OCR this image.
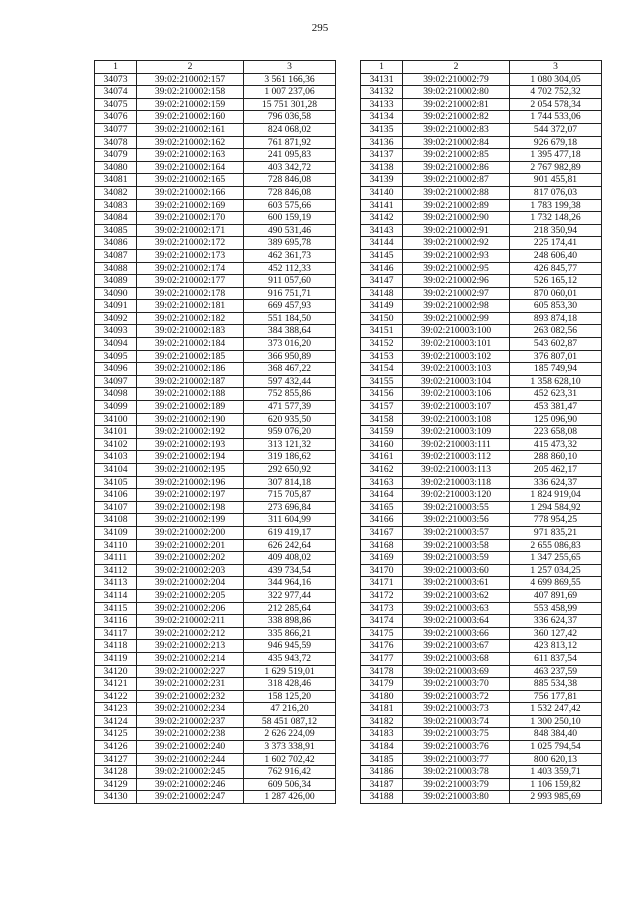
295
1	2	3
34073	39:02:210002:157	3 561 166,36
34074	39:02:210002:158	1 007 237,06
34075	39:02:210002:159	15 751 301,28
34076	39:02:210002:160	796 036,58
34077	39:02:210002:161	824 068,02
34078	39:02:210002:162	761 871,92
34079	39:02:210002:163	241 095,83
34080	39:02:210002:164	403 342,72
34081	39:02:210002:165	728 846,08
34082	39:02:210002:166	728 846,08
34083	39:02:210002:169	603 575,66
34084	39:02:210002:170	600 159,19
34085	39:02:210002:171	490 531,46
34086	39:02:210002:172	389 695,78
34087	39:02:210002:173	462 361,73
34088	39:02:210002:174	452 112,33
34089	39:02:210002:177	911 057,60
34090	39:02:210002:178	916 751,71
34091	39:02:210002:181	669 457,93
34092	39:02:210002:182	551 184,50
34093	39:02:210002:183	384 388,64
34094	39:02:210002:184	373 016,20
34095	39:02:210002:185	366 950,89
34096	39:02:210002:186	368 467,22
34097	39:02:210002:187	597 432,44
34098	39:02:210002:188	752 855,86
34099	39:02:210002:189	471 577,39
34100	39:02:210002:190	620 935,50
34101	39:02:210002:192	959 076,20
34102	39:02:210002:193	313 121,32
34103	39:02:210002:194	319 186,62
34104	39:02:210002:195	292 650,92
34105	39:02:210002:196	307 814,18
34106	39:02:210002:197	715 705,87
34107	39:02:210002:198	273 696,84
34108	39:02:210002:199	311 604,99
34109	39:02:210002:200	619 419,17
34110	39:02:210002:201	626 242,64
34111	39:02:210002:202	409 408,02
34112	39:02:210002:203	439 734,54
34113	39:02:210002:204	344 964,16
34114	39:02:210002:205	322 977,44
34115	39:02:210002:206	212 285,64
34116	39:02:210002:211	338 898,86
34117	39:02:210002:212	335 866,21
34118	39:02:210002:213	946 945,59
34119	39:02:210002:214	435 943,72
34120	39:02:210002:227	1 629 519,01
34121	39:02:210002:231	318 428,46
34122	39:02:210002:232	158 125,20
34123	39:02:210002:234	47 216,20
34124	39:02:210002:237	58 451 087,12
34125	39:02:210002:238	2 626 224,09
34126	39:02:210002:240	3 373 338,91
34127	39:02:210002:244	1 602 702,42
34128	39:02:210002:245	762 916,42
34129	39:02:210002:246	609 506,34
34130	39:02:210002:247	1 287 426,00
1	2	3
34131	39:02:210002:79	1 080 304,05
34132	39:02:210002:80	4 702 752,32
34133	39:02:210002:81	2 054 578,34
34134	39:02:210002:82	1 744 533,06
34135	39:02:210002:83	544 372,07
34136	39:02:210002:84	926 679,18
34137	39:02:210002:85	1 395 477,18
34138	39:02:210002:86	2 767 982,89
34139	39:02:210002:87	901 455,81
34140	39:02:210002:88	817 076,03
34141	39:02:210002:89	1 783 199,38
34142	39:02:210002:90	1 732 148,26
34143	39:02:210002:91	218 350,94
34144	39:02:210002:92	225 174,41
34145	39:02:210002:93	248 606,40
34146	39:02:210002:95	426 845,77
34147	39:02:210002:96	526 165,12
34148	39:02:210002:97	870 060,01
34149	39:02:210002:98	605 853,30
34150	39:02:210002:99	893 874,18
34151	39:02:210003:100	263 082,56
34152	39:02:210003:101	543 602,87
34153	39:02:210003:102	376 807,01
34154	39:02:210003:103	185 749,94
34155	39:02:210003:104	1 358 628,10
34156	39:02:210003:106	452 623,31
34157	39:02:210003:107	453 381,47
34158	39:02:210003:108	125 096,90
34159	39:02:210003:109	223 658,08
34160	39:02:210003:111	415 473,32
34161	39:02:210003:112	288 860,10
34162	39:02:210003:113	205 462,17
34163	39:02:210003:118	336 624,37
34164	39:02:210003:120	1 824 919,04
34165	39:02:210003:55	1 294 584,92
34166	39:02:210003:56	778 954,25
34167	39:02:210003:57	971 835,21
34168	39:02:210003:58	2 655 086,83
34169	39:02:210003:59	1 347 255,65
34170	39:02:210003:60	1 257 034,25
34171	39:02:210003:61	4 699 869,55
34172	39:02:210003:62	407 891,69
34173	39:02:210003:63	553 458,99
34174	39:02:210003:64	336 624,37
34175	39:02:210003:66	360 127,42
34176	39:02:210003:67	423 813,12
34177	39:02:210003:68	611 837,54
34178	39:02:210003:69	463 237,59
34179	39:02:210003:70	885 534,38
34180	39:02:210003:72	756 177,81
34181	39:02:210003:73	1 532 247,42
34182	39:02:210003:74	1 300 250,10
34183	39:02:210003:75	848 384,40
34184	39:02:210003:76	1 025 794,54
34185	39:02:210003:77	800 620,13
34186	39:02:210003:78	1 403 359,71
34187	39:02:210003:79	1 106 159,82
34188	39:02:210003:80	2 993 985,69
